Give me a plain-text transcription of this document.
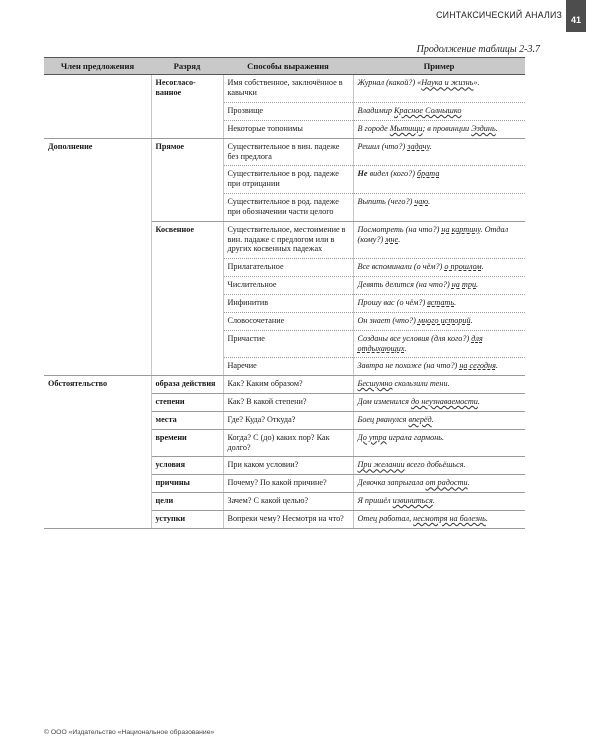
СИНТАКСИЧЕСКИЙ АНАЛИЗ 41
Продолжение таблицы 2-3.7
Член предложения	Разряд	Способы выражения	Пример
	Несогласо-ванное	Имя собственное, заключённое в кавычки	Журнал (какой?) «Наука и жизнь».
		Прозвище	Владимир Красное Солнышко
		Некоторые топонимы	В городе Мытищи; в провинции Эздинь.
Дополнение	Прямое	Существительное в вин. падеже без предлога	Решил (что?) задачу.
		Существительное в род. падеже при отрицании	Не видел (кого?) брата
		Существительное в род. падеже при обозначении части целого	Выпить (чего?) чаю.
	Косвенное	Существительное, местоимение в вин. падаже с предлогом или в других косвенных падежах	Посмотреть (на что?) на картину. Отдал (кому?) мне.
		Прилагательное	Все вспоминали (о чём?) о прошлом.
		Числительное	Девять делится (на что?) на три.
		Инфинитив	Прошу вас (о чём?) встать.
		Словосочетание	Он знает (что?) много историй.
		Причастие	Созданы все условия (для кого?) для отдыхающих.
		Наречие	Завтра не похоже (на что?) на сегодня.
Обстоятельство	образа действия	Как? Каким образом?	Бесшумно скользили тени.
	степени	Как? В какой степени?	Дом изменился до неузнаваемости.
	места	Где? Куда? Откуда?	Боец рванулся вперёд.
	времени	Когда? С (до) каких пор? Как долго?	До утра играла гармонь.
	условия	При каком условии?	При желании всего добьёшься.
	причины	Почему? По какой причине?	Девочка запрыгала от радости.
	цели	Зачем? С какой целью?	Я пришёл извиниться.
	уступки	Вопреки чему? Несмотря на что?	Отец работал, несмотря на болезнь.
© ООО «Издательство «Национальное образование»
